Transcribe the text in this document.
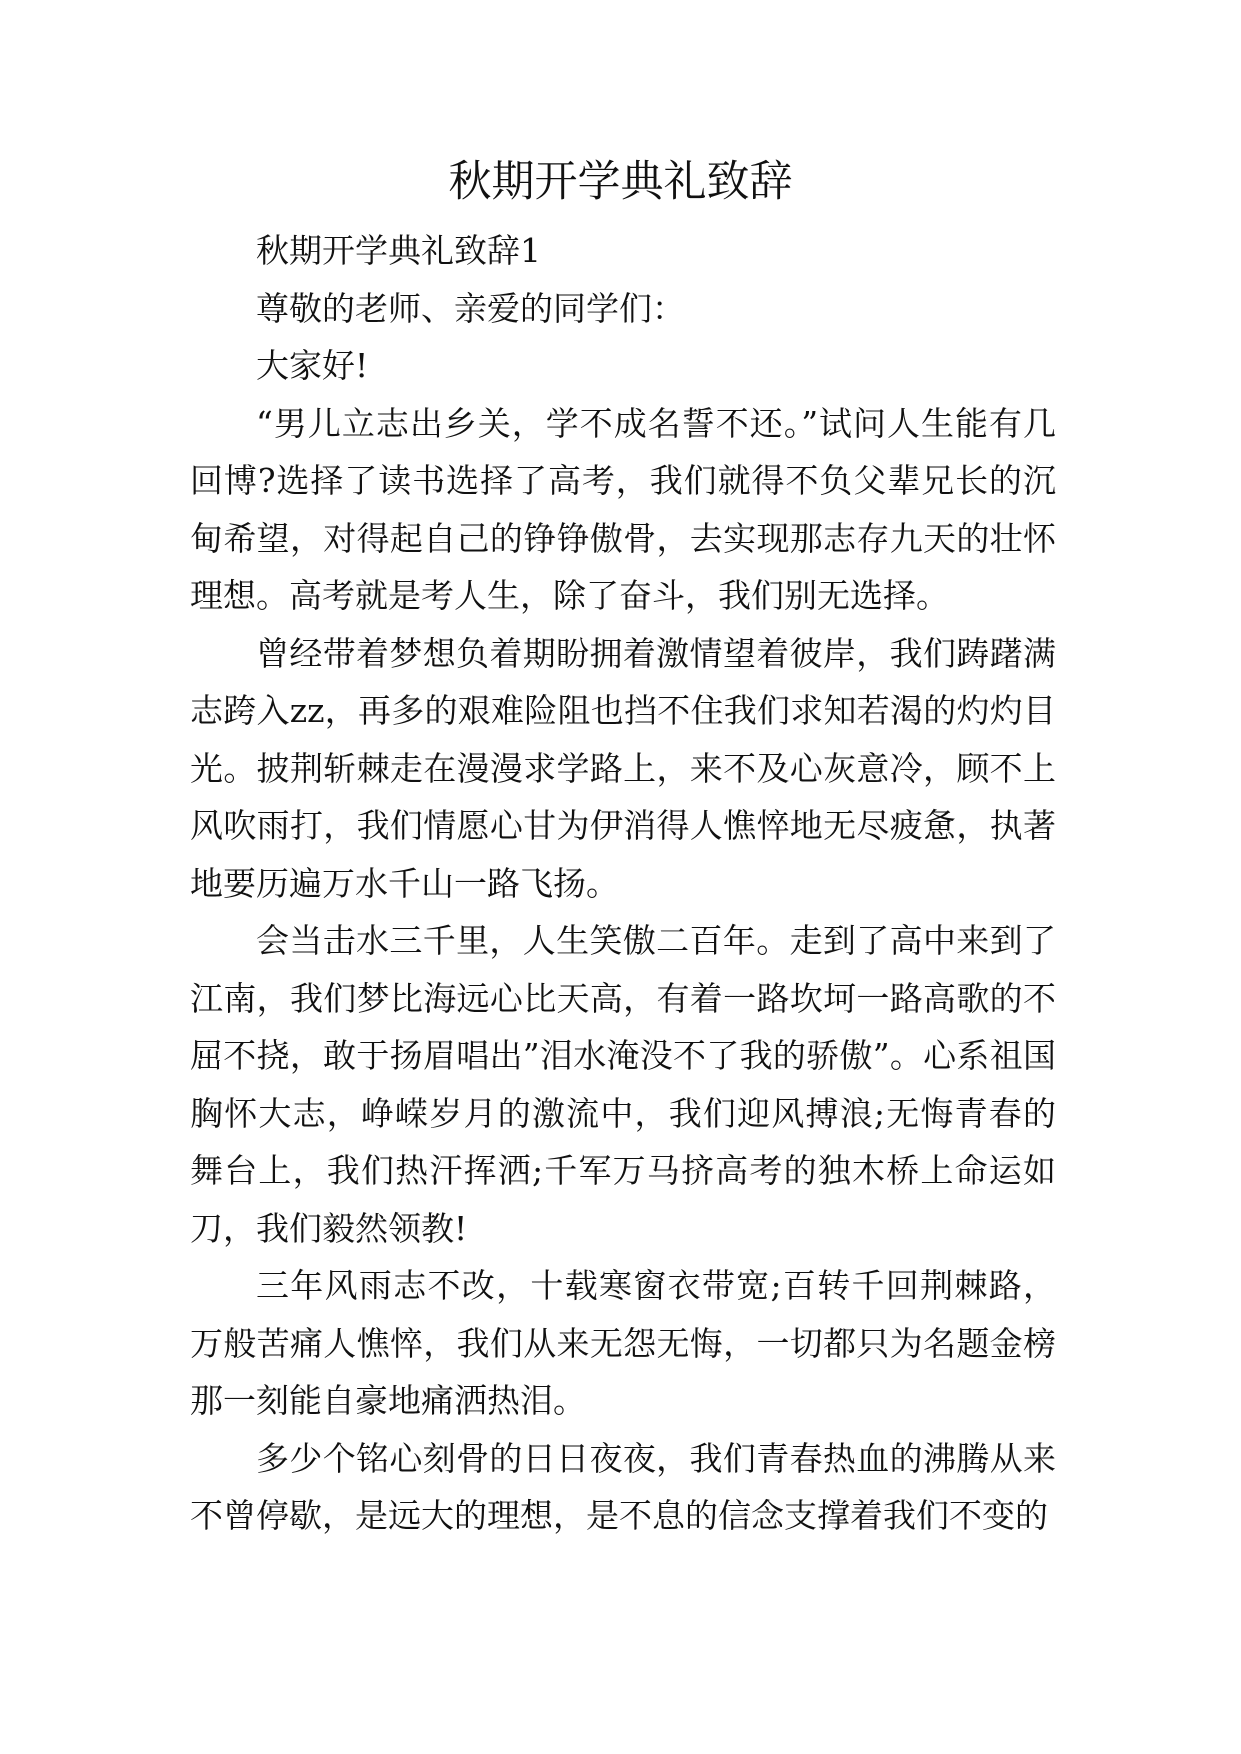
秋期开学典礼致辞

秋期开学典礼致辞1

尊敬的老师、亲爱的同学们：

大家好!

“男儿立志出乡关，学不成名誓不还。”试问人生能有几回博?选择了读书选择了高考，我们就得不负父辈兄长的沉甸希望，对得起自己的铮铮傲骨，去实现那志存九天的壮怀理想。高考就是考人生，除了奋斗，我们别无选择。

曾经带着梦想负着期盼拥着激情望着彼岸，我们踌躇满志跨入zz，再多的艰难险阻也挡不住我们求知若渴的灼灼目光。披荆斩棘走在漫漫求学路上，来不及心灰意冷，顾不上风吹雨打，我们情愿心甘为伊消得人憔悴地无尽疲惫，执著地要历遍万水千山一路飞扬。

会当击水三千里，人生笑傲二百年。走到了高中来到了江南，我们梦比海远心比天高，有着一路坎坷一路高歌的不屈不挠，敢于扬眉唱出”泪水淹没不了我的骄傲”。心系祖国胸怀大志，峥嵘岁月的激流中，我们迎风搏浪;无悔青春的舞台上，我们热汗挥洒;千军万马挤高考的独木桥上命运如刀，我们毅然领教!

三年风雨志不改，十载寒窗衣带宽;百转千回荆棘路，万般苦痛人憔悴，我们从来无怨无悔，一切都只为名题金榜那一刻能自豪地痛洒热泪。

多少个铭心刻骨的日日夜夜，我们青春热血的沸腾从来不曾停歇，是远大的理想，是不息的信念支撑着我们不变的
